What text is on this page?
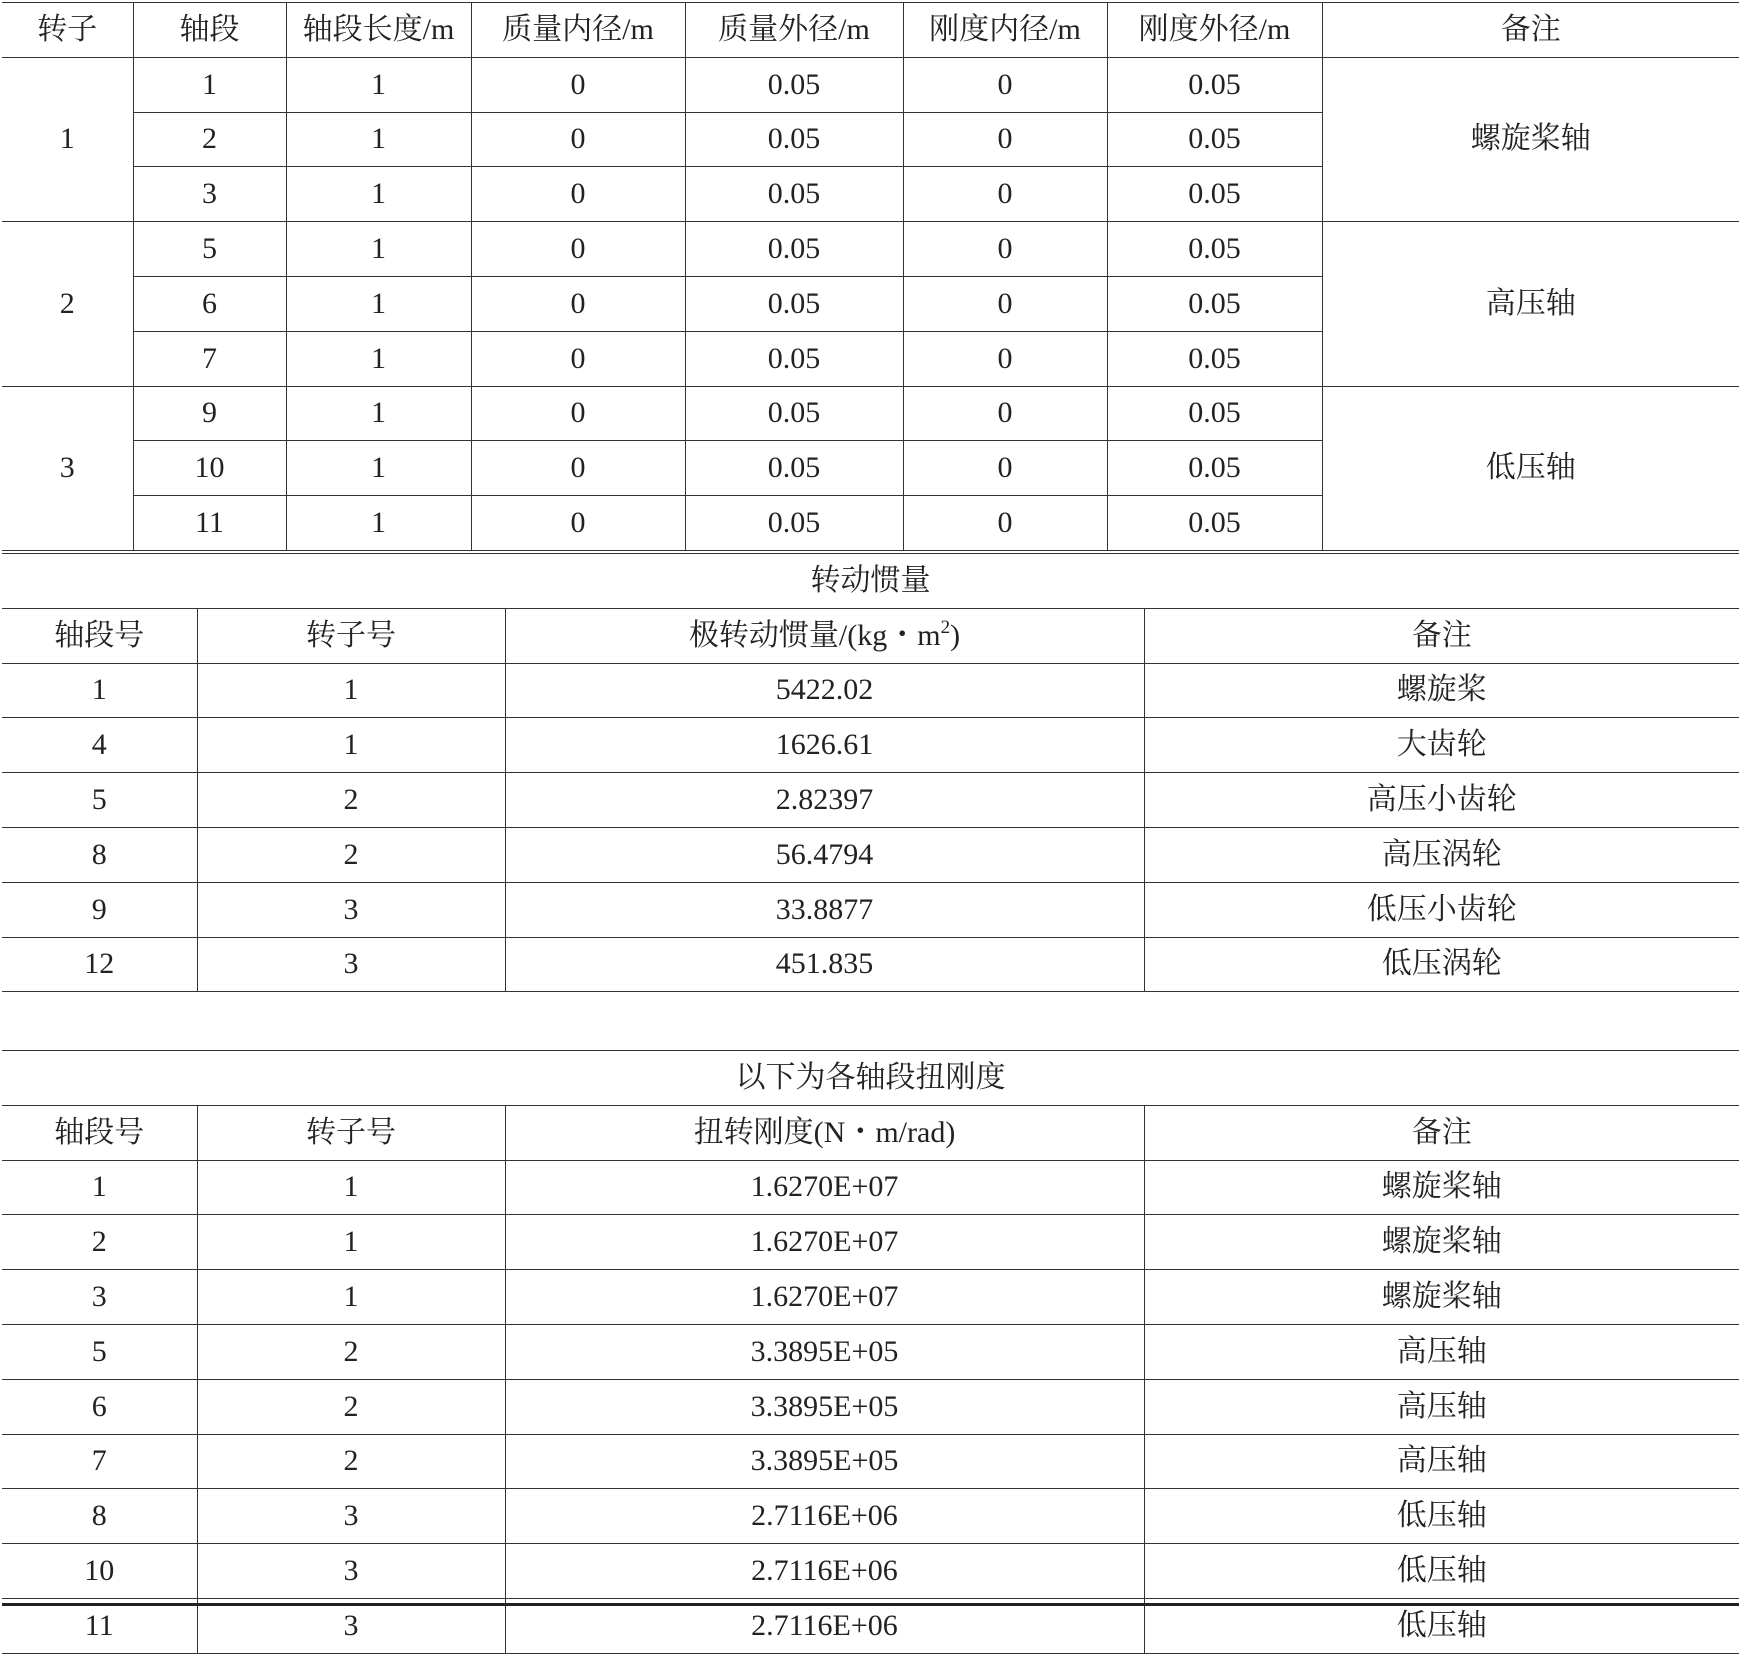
转子	轴段	轴段长度/m	质量内径/m	质量外径/m	刚度内径/m	刚度外径/m	备注
1	1	1	0	0.05	0	0.05	螺旋桨轴
	2	1	0	0.05	0	0.05	
	3	1	0	0.05	0	0.05	
2	5	1	0	0.05	0	0.05	高压轴
	6	1	0	0.05	0	0.05	
	7	1	0	0.05	0	0.05	
3	9	1	0	0.05	0	0.05	低压轴
	10	1	0	0.05	0	0.05	
	11	1	0	0.05	0	0.05	
转动惯量			
轴段号	转子号	极转动惯量/(kg・$m^2$)	备注
1	1	5422.02	螺旋桨
4	1	1626.61	大齿轮
5	2	2.82397	高压小齿轮
8	2	56.4794	高压涡轮
9	3	33.8877	低压小齿轮
12	3	451.835	低压涡轮
以下为各轴段扭刚度			
轴段号	转子号	扭转刚度(N・m/rad)	备注
1	1	1.6270E+07	螺旋桨轴
2	1	1.6270E+07	螺旋桨轴
3	1	1.6270E+07	螺旋桨轴
5	2	3.3895E+05	高压轴
6	2	3.3895E+05	高压轴
7	2	3.3895E+05	高压轴
8	3	2.7116E+06	低压轴
10	3	2.7116E+06	低压轴
11	3	2.7116E+06	低压轴
